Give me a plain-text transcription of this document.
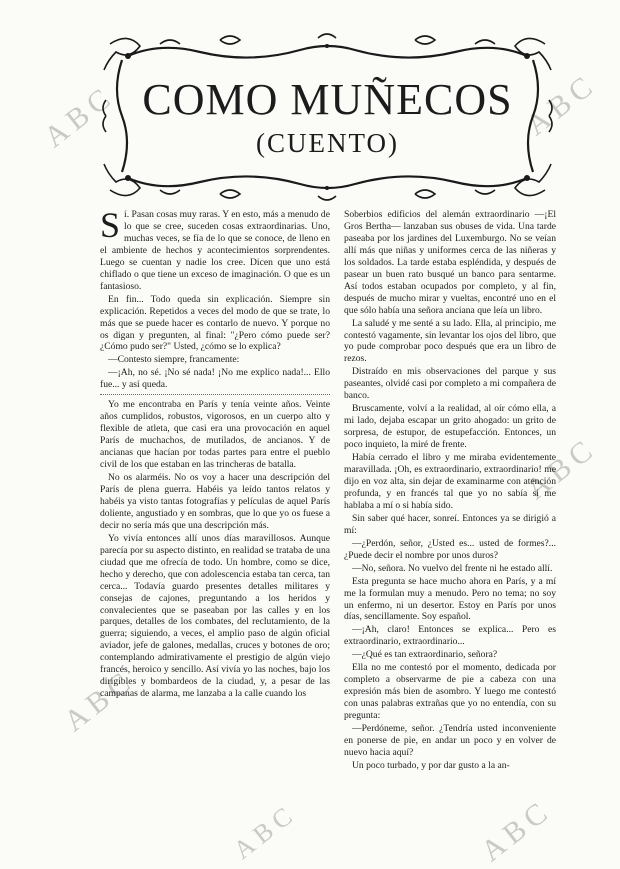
ABC
ABC
ABC
ABC
ABC
ABC
COMO MUÑECOS
(CUENTO)

Sí. Pasan cosas muy raras. Y en esto, más a menudo de lo que se cree, suceden cosas extraordinarias. Uno, muchas veces, se fía de lo que se conoce, de lleno en el ambiente de hechos y acontecimientos sorprendentes. Luego se cuentan y nadie los cree. Dicen que uno está chiflado o que tiene un exceso de imaginación. O que es un fantasioso.

En fin... Todo queda sin explicación. Siempre sin explicación. Repetidos a veces del modo de que se trate, lo más que se puede hacer es contarlo de nuevo. Y porque no os digan y pregunten, al final: "¿Pero cómo puede ser? ¿Cómo pudo ser?" Usted, ¿cómo se lo explica?

—Contesto siempre, francamente:

—¡Ah, no sé. ¡No sé nada! ¡No me explico nada!... Ello fue... y así queda.

Yo me encontraba en París y tenía veinte años. Veinte años cumplidos, robustos, vigorosos, en un cuerpo alto y flexible de atleta, que casi era una provocación en aquel París de muchachos, de mutilados, de ancianos. Y de ancianas que hacían por todas partes para entre el pueblo civil de los que estaban en las trincheras de batalla.

No os alarméis. No os voy a hacer una descripción del París de plena guerra. Habéis ya leído tantos relatos y habéis ya visto tantas fotografías y películas de aquel París doliente, angustiado y en sombras, que lo que yo os fuese a decir no sería más que una descripción más.

Yo vivía entonces allí unos días maravillosos. Aunque parecía por su aspecto distinto, en realidad se trataba de una ciudad que me ofrecía de todo. Un hombre, como se dice, hecho y derecho, que con adolescencia estaba tan cerca, tan cerca... Todavía guardo presentes detalles militares y consejas de cajones, preguntando a los heridos y convalecientes que se paseaban por las calles y en los parques, detalles de los combates, del reclutamiento, de la guerra; siguiendo, a veces, el amplio paso de algún oficial aviador, jefe de galones, medallas, cruces y botones de oro; contemplando admirativamente el prestigio de algún viejo francés, heroico y sencillo. Así vivía yo las noches, bajo los dirigibles y bombardeos de la ciudad, y, a pesar de las campanas de alarma, me lanzaba a la calle cuando los

Soberbios edificios del alemán extraordinario —¡El Gros Bertha— lanzaban sus obuses de vida. Una tarde paseaba por los jardines del Luxemburgo. No se veían allí más que niñas y uniformes cerca de las niñeras y los soldados. La tarde estaba espléndida, y después de pasear un buen rato busqué un banco para sentarme. Así todos estaban ocupados por completo, y al fin, después de mucho mirar y vueltas, encontré uno en el que sólo había una señora anciana que leía un libro.

La saludé y me senté a su lado. Ella, al principio, me contestó vagamente, sin levantar los ojos del libro, que yo pude comprobar poco después que era un libro de rezos.

Distraído en mis observaciones del parque y sus paseantes, olvidé casi por completo a mi compañera de banco.

Bruscamente, volví a la realidad, al oír cómo ella, a mi lado, dejaba escapar un grito ahogado: un grito de sorpresa, de estupor, de estupefacción. Entonces, un poco inquieto, la miré de frente.

Había cerrado el libro y me miraba evidentemente maravillada. ¡Oh, es extraordinario, extraordinario! me dijo en voz alta, sin dejar de examinarme con atención profunda, y en francés tal que yo no sabía si me hablaba a mí o si había sido.

Sin saber qué hacer, sonreí. Entonces ya se dirigió a mí:

—¿Perdón, señor, ¿Usted es... usted de formes?... ¿Puede decir el nombre por unos duros?

—No, señora. No vuelvo del frente ni he estado allí.

Esta pregunta se hace mucho ahora en París, y a mí me la formulan muy a menudo. Pero no tema; no soy un enfermo, ni un desertor. Estoy en París por unos días, sencillamente. Soy español.

—¡Ah, claro! Entonces se explica... Pero es extraordinario, extraordinario...

—¿Qué es tan extraordinario, señora?

Ella no me contestó por el momento, dedicada por completo a observarme de pie a cabeza con una expresión más bien de asombro. Y luego me contestó con unas palabras extrañas que yo no entendía, con su pregunta:

—Perdóneme, señor. ¿Tendría usted inconveniente en ponerse de pie, en andar un poco y en volver de nuevo hacia aquí?

Un poco turbado, y por dar gusto a la an-
